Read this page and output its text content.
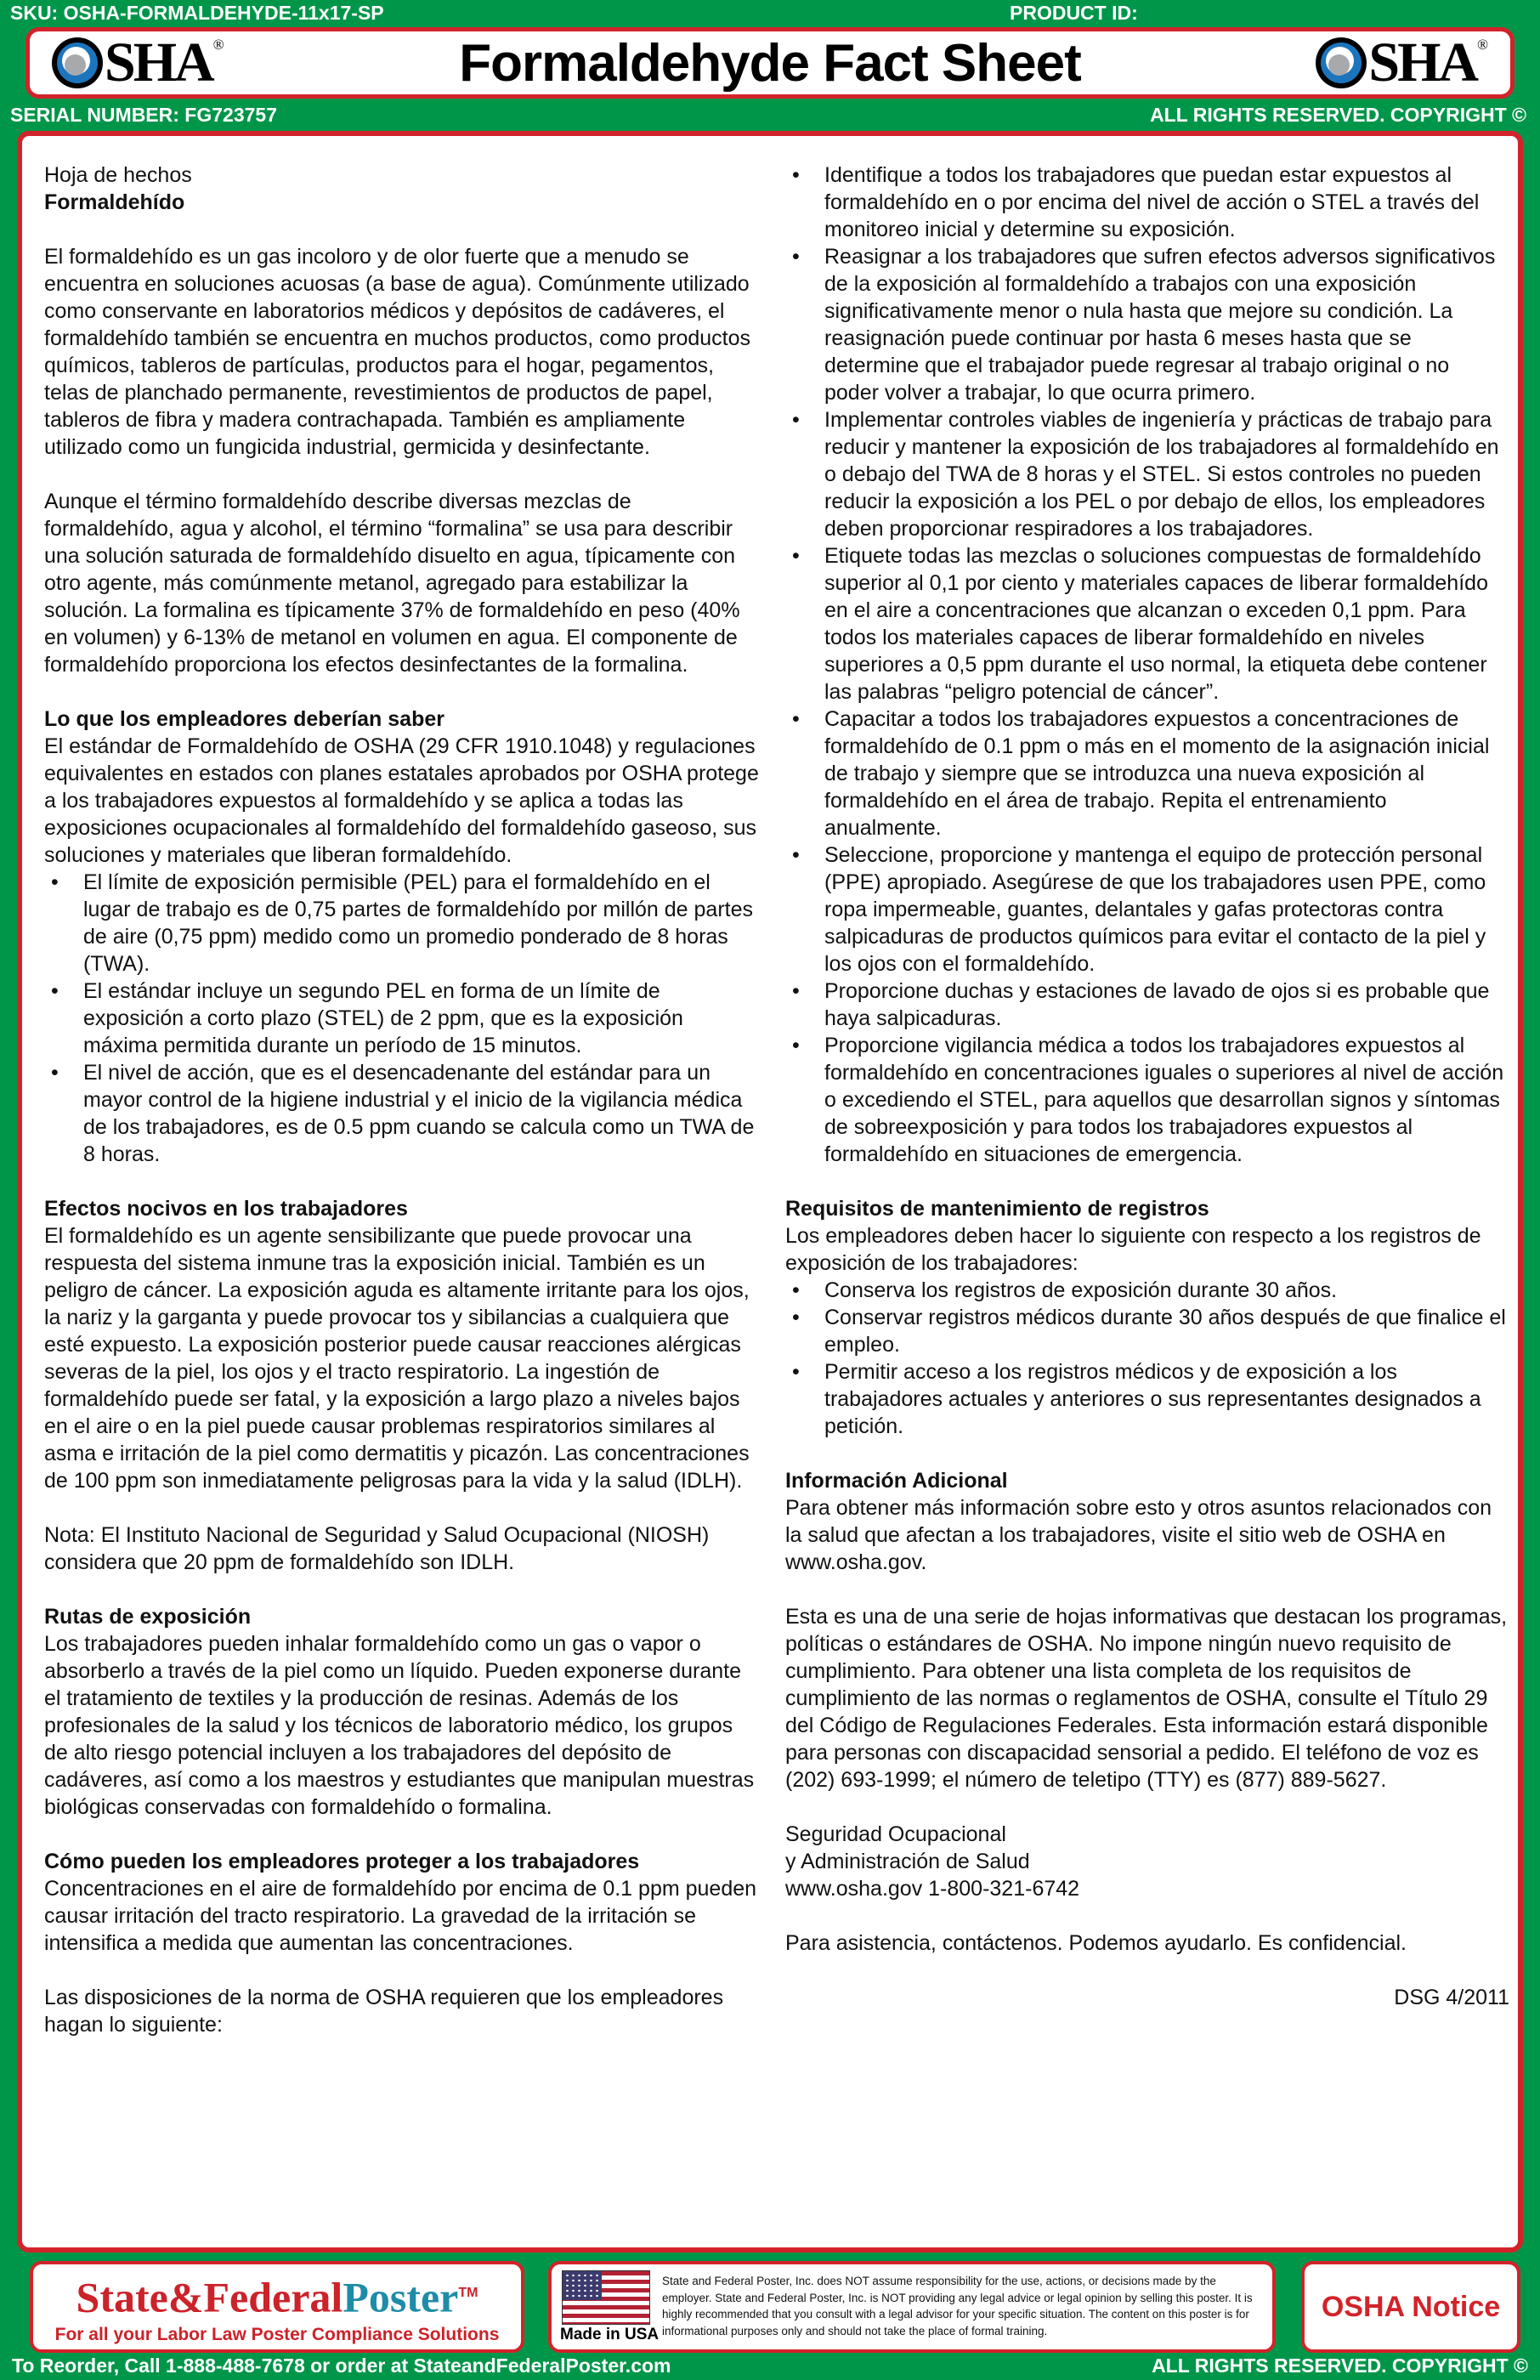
SKU: OSHA-FORMALDEHYDE-11x17-SP	PRODUCT ID:
SHA ®	Formaldehyde Fact Sheet	SHA ®
SERIAL NUMBER: FG723757	ALL RIGHTS RESERVED. COPYRIGHT ©
Hoja de hechos
Formaldehído
El formaldehído es un gas incoloro y de olor fuerte que a menudo se encuentra en soluciones acuosas (a base de agua). Comúnmente utilizado como conservante en laboratorios médicos y depósitos de cadáveres, el formaldehído también se encuentra en muchos productos, como productos químicos, tableros de partículas, productos para el hogar, pegamentos, telas de planchado permanente, revestimientos de productos de papel, tableros de fibra y madera contrachapada. También es ampliamente utilizado como un fungicida industrial, germicida y desinfectante.
Aunque el término formaldehído describe diversas mezclas de formaldehído, agua y alcohol, el término “formalina” se usa para describir una solución saturada de formaldehído disuelto en agua, típicamente con otro agente, más comúnmente metanol, agregado para estabilizar la solución. La formalina es típicamente 37% de formaldehído en peso (40% en volumen) y 6-13% de metanol en volumen en agua. El componente de formaldehído proporciona los efectos desinfectantes de la formalina.
Lo que los empleadores deberían saber
El estándar de Formaldehído de OSHA (29 CFR 1910.1048) y regulaciones equivalentes en estados con planes estatales aprobados por OSHA protege a los trabajadores expuestos al formaldehído y se aplica a todas las exposiciones ocupacionales al formaldehído del formaldehído gaseoso, sus soluciones y materiales que liberan formaldehído.
• El límite de exposición permisible (PEL) para el formaldehído en el lugar de trabajo es de 0,75 partes de formaldehído por millón de partes de aire (0,75 ppm) medido como un promedio ponderado de 8 horas (TWA).
• El estándar incluye un segundo PEL en forma de un límite de exposición a corto plazo (STEL) de 2 ppm, que es la exposición máxima permitida durante un período de 15 minutos.
• El nivel de acción, que es el desencadenante del estándar para un mayor control de la higiene industrial y el inicio de la vigilancia médica de los trabajadores, es de 0.5 ppm cuando se calcula como un TWA de 8 horas.
Efectos nocivos en los trabajadores
El formaldehído es un agente sensibilizante que puede provocar una respuesta del sistema inmune tras la exposición inicial. También es un peligro de cáncer. La exposición aguda es altamente irritante para los ojos, la nariz y la garganta y puede provocar tos y sibilancias a cualquiera que esté expuesto. La exposición posterior puede causar reacciones alérgicas severas de la piel, los ojos y el tracto respiratorio. La ingestión de formaldehído puede ser fatal, y la exposición a largo plazo a niveles bajos en el aire o en la piel puede causar problemas respiratorios similares al asma e irritación de la piel como dermatitis y picazón. Las concentraciones de 100 ppm son inmediatamente peligrosas para la vida y la salud (IDLH).
Nota: El Instituto Nacional de Seguridad y Salud Ocupacional (NIOSH) considera que 20 ppm de formaldehído son IDLH.
Rutas de exposición
Los trabajadores pueden inhalar formaldehído como un gas o vapor o absorberlo a través de la piel como un líquido. Pueden exponerse durante el tratamiento de textiles y la producción de resinas. Además de los profesionales de la salud y los técnicos de laboratorio médico, los grupos de alto riesgo potencial incluyen a los trabajadores del depósito de cadáveres, así como a los maestros y estudiantes que manipulan muestras biológicas conservadas con formaldehído o formalina.
Cómo pueden los empleadores proteger a los trabajadores
Concentraciones en el aire de formaldehído por encima de 0.1 ppm pueden causar irritación del tracto respiratorio. La gravedad de la irritación se intensifica a medida que aumentan las concentraciones.
Las disposiciones de la norma de OSHA requieren que los empleadores hagan lo siguiente:
• Identifique a todos los trabajadores que puedan estar expuestos al formaldehído en o por encima del nivel de acción o STEL a través del monitoreo inicial y determine su exposición.
• Reasignar a los trabajadores que sufren efectos adversos significativos de la exposición al formaldehído a trabajos con una exposición significativamente menor o nula hasta que mejore su condición. La reasignación puede continuar por hasta 6 meses hasta que se determine que el trabajador puede regresar al trabajo original o no poder volver a trabajar, lo que ocurra primero.
• Implementar controles viables de ingeniería y prácticas de trabajo para reducir y mantener la exposición de los trabajadores al formaldehído en o debajo del TWA de 8 horas y el STEL. Si estos controles no pueden reducir la exposición a los PEL o por debajo de ellos, los empleadores deben proporcionar respiradores a los trabajadores.
• Etiquete todas las mezclas o soluciones compuestas de formaldehído superior al 0,1 por ciento y materiales capaces de liberar formaldehído en el aire a concentraciones que alcanzan o exceden 0,1 ppm. Para todos los materiales capaces de liberar formaldehído en niveles superiores a 0,5 ppm durante el uso normal, la etiqueta debe contener las palabras “peligro potencial de cáncer”.
• Capacitar a todos los trabajadores expuestos a concentraciones de formaldehído de 0.1 ppm o más en el momento de la asignación inicial de trabajo y siempre que se introduzca una nueva exposición al formaldehído en el área de trabajo. Repita el entrenamiento anualmente.
• Seleccione, proporcione y mantenga el equipo de protección personal (PPE) apropiado. Asegúrese de que los trabajadores usen PPE, como ropa impermeable, guantes, delantales y gafas protectoras contra salpicaduras de productos químicos para evitar el contacto de la piel y los ojos con el formaldehído.
• Proporcione duchas y estaciones de lavado de ojos si es probable que haya salpicaduras.
• Proporcione vigilancia médica a todos los trabajadores expuestos al formaldehído en concentraciones iguales o superiores al nivel de acción o excediendo el STEL, para aquellos que desarrollan signos y síntomas de sobreexposición y para todos los trabajadores expuestos al formaldehído en situaciones de emergencia.
Requisitos de mantenimiento de registros
Los empleadores deben hacer lo siguiente con respecto a los registros de exposición de los trabajadores:
• Conserva los registros de exposición durante 30 años.
• Conservar registros médicos durante 30 años después de que finalice el empleo.
• Permitir acceso a los registros médicos y de exposición a los trabajadores actuales y anteriores o sus representantes designados a petición.
Información Adicional
Para obtener más información sobre esto y otros asuntos relacionados con la salud que afectan a los trabajadores, visite el sitio web de OSHA en www.osha.gov.
Esta es una de una serie de hojas informativas que destacan los programas, políticas o estándares de OSHA. No impone ningún nuevo requisito de cumplimiento. Para obtener una lista completa de los requisitos de cumplimiento de las normas o reglamentos de OSHA, consulte el Título 29 del Código de Regulaciones Federales. Esta información estará disponible para personas con discapacidad sensorial a pedido. El teléfono de voz es (202) 693-1999; el número de teletipo (TTY) es (877) 889-5627.
Seguridad Ocupacional
y Administración de Salud
www.osha.gov 1-800-321-6742
Para asistencia, contáctenos. Podemos ayudarlo. Es confidencial.
DSG 4/2011
State&FederalPoster™
For all your Labor Law Poster Compliance Solutions	Made in USA
State and Federal Poster, Inc. does NOT assume responsibility for the use, actions, or decisions made by the employer. State and Federal Poster, Inc. is NOT providing any legal advice or legal opinion by selling this poster. It is highly recommended that you consult with a legal advisor for your specific situation. The content on this poster is for informational purposes only and should not take the place of formal training.
OSHA Notice
To Reorder, Call 1-888-488-7678 or order at StateandFederalPoster.com	ALL RIGHTS RESERVED. COPYRIGHT ©
